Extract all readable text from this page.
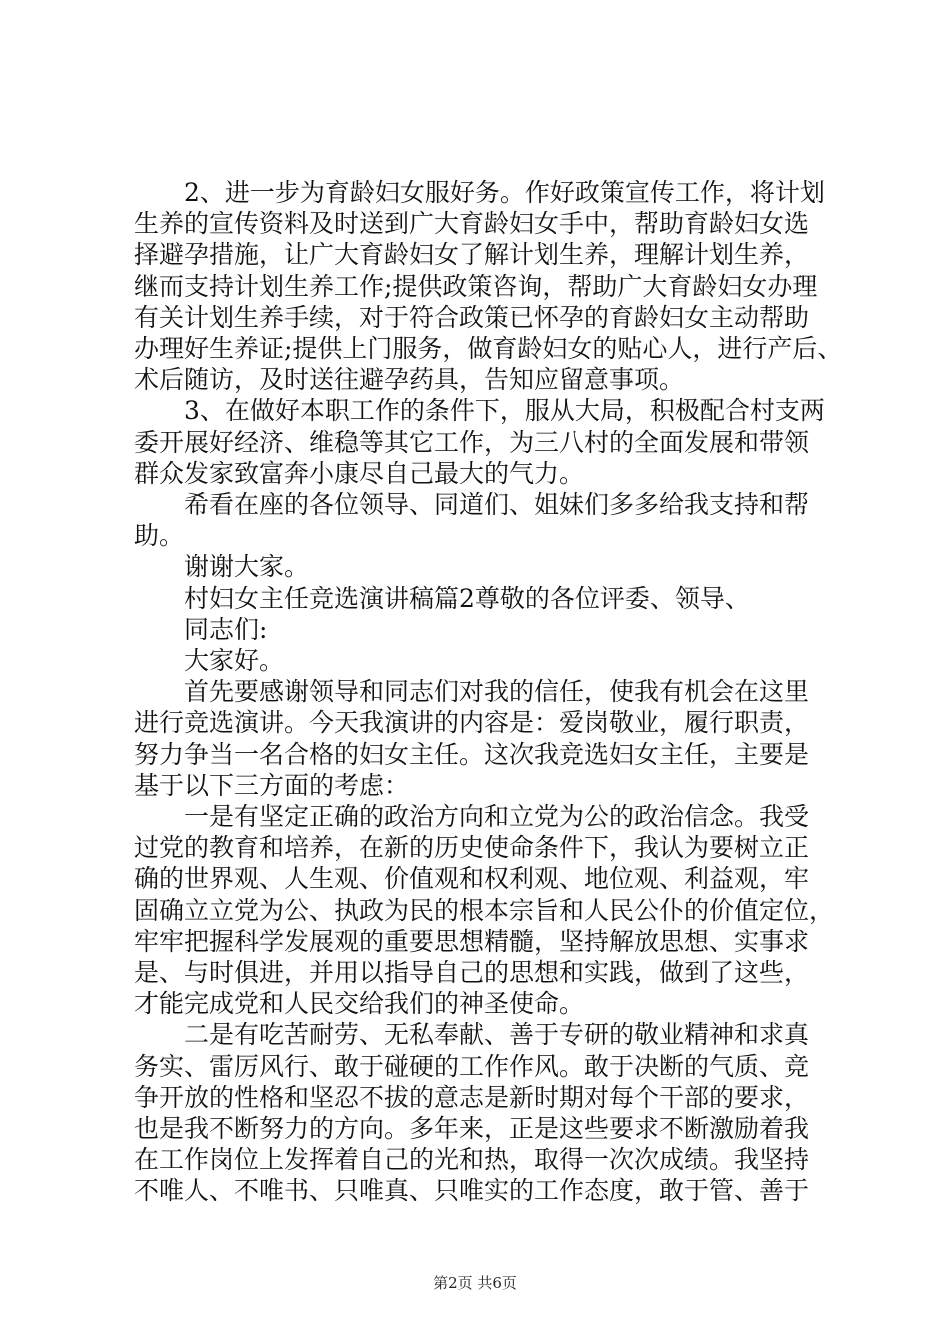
2、进一步为育龄妇女服好务。作好政策宣传工作，将计划
生养的宣传资料及时送到广大育龄妇女手中，帮助育龄妇女选
择避孕措施，让广大育龄妇女了解计划生养，理解计划生养，
继而支持计划生养工作;提供政策咨询，帮助广大育龄妇女办理
有关计划生养手续，对于符合政策已怀孕的育龄妇女主动帮助
办理好生养证;提供上门服务，做育龄妇女的贴心人，进行产后、
术后随访，及时送往避孕药具，告知应留意事项。
3、在做好本职工作的条件下，服从大局，积极配合村支两
委开展好经济、维稳等其它工作，为三八村的全面发展和带领
群众发家致富奔小康尽自己最大的气力。
希看在座的各位领导、同道们、姐妹们多多给我支持和帮
助。
谢谢大家。
村妇女主任竞选演讲稿篇2尊敬的各位评委、领导、
同志们:
大家好。
首先要感谢领导和同志们对我的信任，使我有机会在这里
进行竞选演讲。今天我演讲的内容是：爱岗敬业，履行职责，
努力争当一名合格的妇女主任。这次我竞选妇女主任，主要是
基于以下三方面的考虑：
一是有坚定正确的政治方向和立党为公的政治信念。我受
过党的教育和培养，在新的历史使命条件下，我认为要树立正
确的世界观、人生观、价值观和权利观、地位观、利益观，牢
固确立立党为公、执政为民的根本宗旨和人民公仆的价值定位，
牢牢把握科学发展观的重要思想精髓，坚持解放思想、实事求
是、与时俱进，并用以指导自己的思想和实践，做到了这些，
才能完成党和人民交给我们的神圣使命。
二是有吃苦耐劳、无私奉献、善于专研的敬业精神和求真
务实、雷厉风行、敢于碰硬的工作作风。敢于决断的气质、竞
争开放的性格和坚忍不拔的意志是新时期对每个干部的要求，
也是我不断努力的方向。多年来，正是这些要求不断激励着我
在工作岗位上发挥着自己的光和热，取得一次次成绩。我坚持
不唯人、不唯书、只唯真、只唯实的工作态度，敢于管、善于
第2页 共6页
